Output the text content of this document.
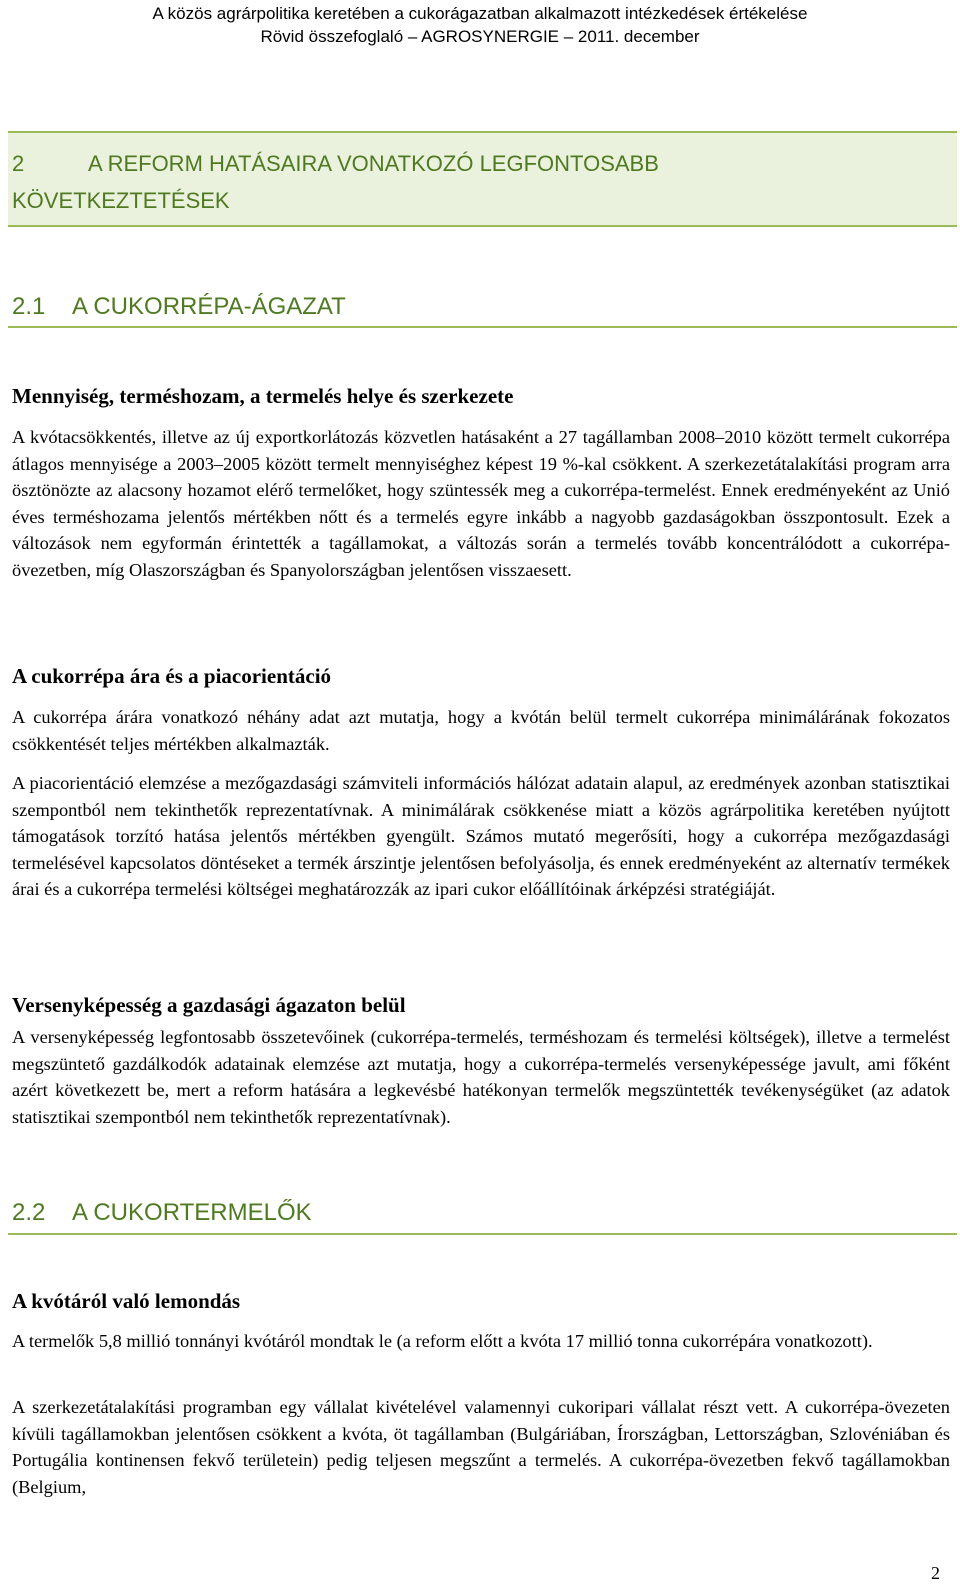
A közös agrárpolitika keretében a cukorágazatban alkalmazott intézkedések értékelése
Rövid összefoglaló – AGROSYNERGIE – 2011. december
2	A REFORM HATÁSAIRA VONATKOZÓ LEGFONTOSABB
KÖVETKEZTETÉSEK
2.1 A CUKORRÉPA-ÁGAZAT
Mennyiség, terméshozam, a termelés helye és szerkezete

A kvótacsökkentés, illetve az új exportkorlátozás közvetlen hatásaként a 27 tagállamban 2008–2010 között termelt cukorrépa átlagos mennyisége a 2003–2005 között termelt mennyiséghez képest 19 %-kal csökkent. A szerkezetátalakítási program arra ösztönözte az alacsony hozamot elérő termelőket, hogy szüntessék meg a cukorrépa-termelést. Ennek eredményeként az Unió éves terméshozama jelentős mértékben nőtt és a termelés egyre inkább a nagyobb gazdaságokban összpontosult. Ezek a változások nem egyformán érintették a tagállamokat, a változás során a termelés tovább koncentrálódott a cukorrépa-övezetben, míg Olaszországban és Spanyolországban jelentősen visszaesett.

A cukorrépa ára és a piacorientáció

A cukorrépa árára vonatkozó néhány adat azt mutatja, hogy a kvótán belül termelt cukorrépa minimálárának fokozatos csökkentését teljes mértékben alkalmazták.

A piacorientáció elemzése a mezőgazdasági számviteli információs hálózat adatain alapul, az eredmények azonban statisztikai szempontból nem tekinthetők reprezentatívnak. A minimálárak csökkenése miatt a közös agrárpolitika keretében nyújtott támogatások torzító hatása jelentős mértékben gyengült. Számos mutató megerősíti, hogy a cukorrépa mezőgazdasági termelésével kapcsolatos döntéseket a termék árszintje jelentősen befolyásolja, és ennek eredményeként az alternatív termékek árai és a cukorrépa termelési költségei meghatározzák az ipari cukor előállítóinak árképzési stratégiáját.

Versenyképesség a gazdasági ágazaton belül

A versenyképesség legfontosabb összetevőinek (cukorrépa-termelés, terméshozam és termelési költségek), illetve a termelést megszüntető gazdálkodók adatainak elemzése azt mutatja, hogy a cukorrépa-termelés versenyképessége javult, ami főként azért következett be, mert a reform hatására a legkevésbé hatékonyan termelők megszüntették tevékenységüket (az adatok statisztikai szempontból nem tekinthetők reprezentatívnak).

2.2 A CUKORTERMELŐK
A kvótáról való lemondás

A termelők 5,8 millió tonnányi kvótáról mondtak le (a reform előtt a kvóta 17 millió tonna cukorrépára vonatkozott).

A szerkezetátalakítási programban egy vállalat kivételével valamennyi cukoripari vállalat részt vett. A cukorrépa-övezeten kívüli tagállamokban jelentősen csökkent a kvóta, öt tagállamban (Bulgáriában, Írországban, Lettországban, Szlovéniában és Portugália kontinensen fekvő területein) pedig teljesen megszűnt a termelés. A cukorrépa-övezetben fekvő tagállamokban (Belgium,

2
